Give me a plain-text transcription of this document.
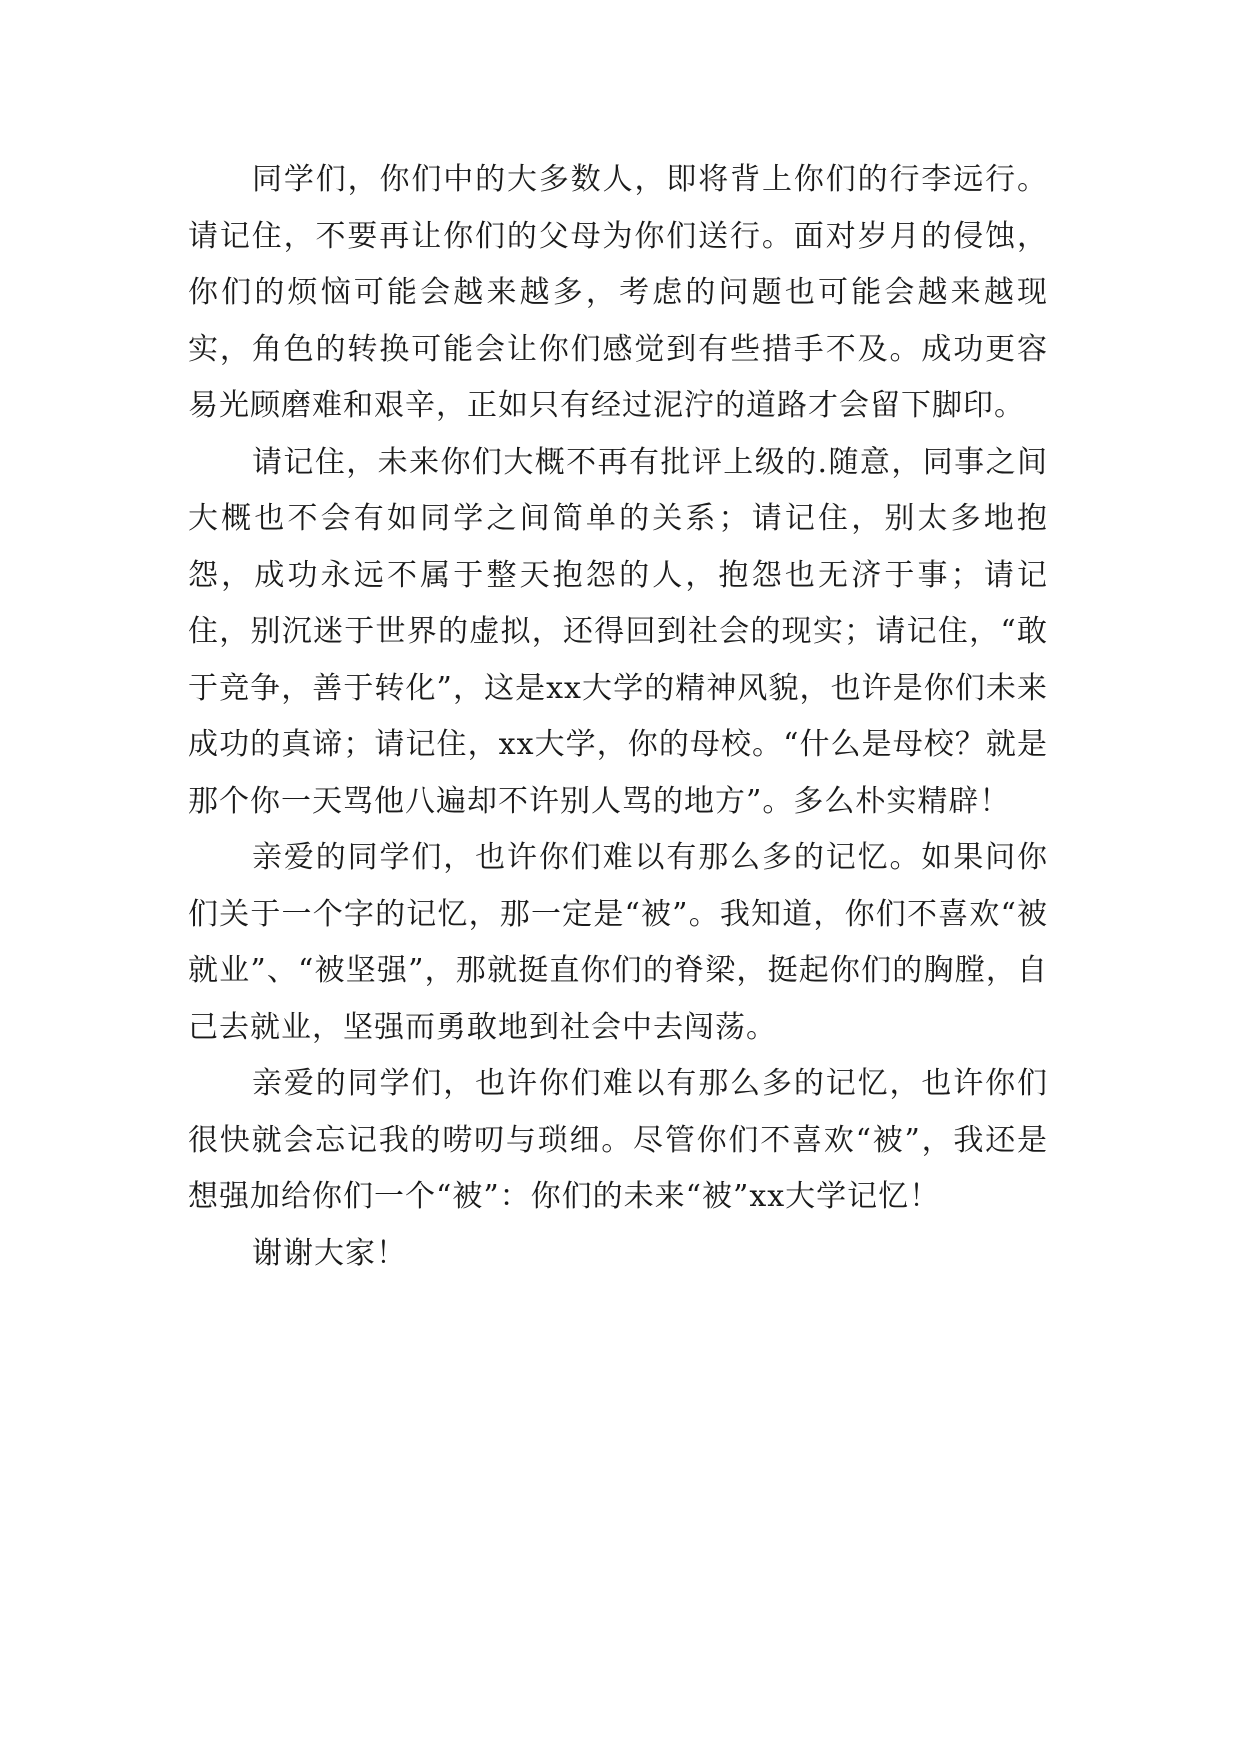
同学们，你们中的大多数人，即将背上你们的行李远行。请记住，不要再让你们的父母为你们送行。面对岁月的侵蚀，你们的烦恼可能会越来越多，考虑的问题也可能会越来越现实，角色的转换可能会让你们感觉到有些措手不及。成功更容易光顾磨难和艰辛，正如只有经过泥泞的道路才会留下脚印。

请记住，未来你们大概不再有批评上级的.随意，同事之间大概也不会有如同学之间简单的关系；请记住，别太多地抱怨，成功永远不属于整天抱怨的人，抱怨也无济于事；请记住，别沉迷于世界的虚拟，还得回到社会的现实；请记住，“敢于竞争，善于转化”，这是xx大学的精神风貌，也许是你们未来成功的真谛；请记住，xx大学，你的母校。“什么是母校？就是那个你一天骂他八遍却不许别人骂的地方”。多么朴实精辟！

亲爱的同学们，也许你们难以有那么多的记忆。如果问你们关于一个字的记忆，那一定是“被”。我知道，你们不喜欢“被就业”、“被坚强”，那就挺直你们的脊梁，挺起你们的胸膛，自己去就业，坚强而勇敢地到社会中去闯荡。

亲爱的同学们，也许你们难以有那么多的记忆，也许你们很快就会忘记我的唠叨与琐细。尽管你们不喜欢“被”，我还是想强加给你们一个“被”：你们的未来“被”xx大学记忆！

谢谢大家！
